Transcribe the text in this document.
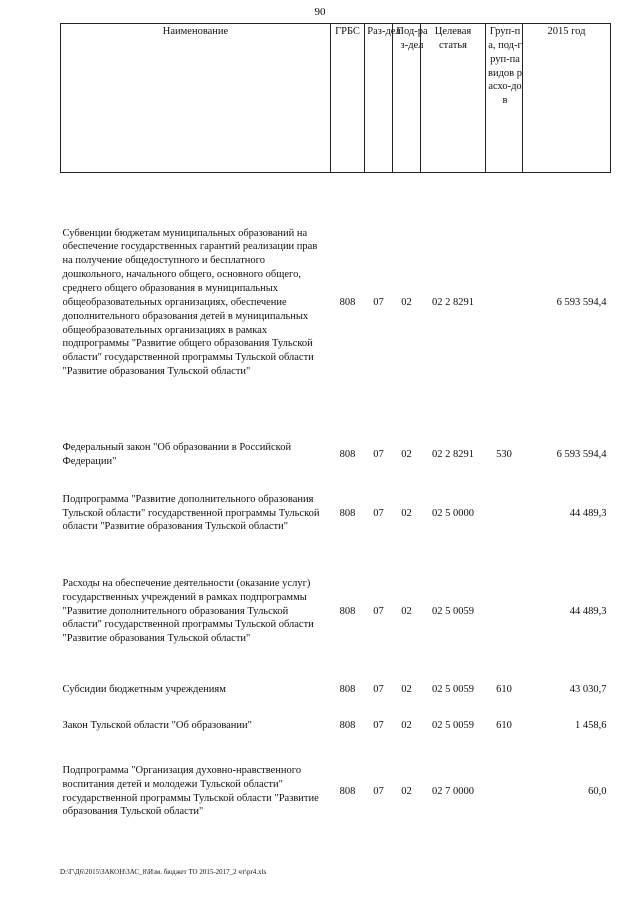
90
Наименование	ГРБС	Раз-дел	Под-раз-дел	Целевая статья	Груп-па, под-груп-па видов расхо-дов	2015 год
Субвенции бюджетам муниципальных образований на обеспечение государственных гарантий реализации прав на получение общедоступного и бесплатного дошкольного, начального общего, основного общего, среднего общего образования в муниципальных общеобразовательных организациях, обеспечение дополнительного образования детей в муниципальных общеобразовательных организациях в рамках подпрограммы "Развитие общего образования Тульской области" государственной программы Тульской области "Развитие образования Тульской области"	808	07	02	02 2 8291		6 593 594,4
Федеральный закон "Об образовании в Российской Федерации"	808	07	02	02 2 8291	530	6 593 594,4
Подпрограмма "Развитие дополнительного образования Тульской области" государственной программы Тульской области "Развитие образования Тульской области"	808	07	02	02 5 0000		44 489,3
Расходы на обеспечение деятельности (оказание услуг) государственных учреждений в рамках подпрограммы "Развитие дополнительного образования Тульской области" государственной программы Тульской области "Развитие образования Тульской области"	808	07	02	02 5 0059		44 489,3
Субсидии бюджетным учреждениям	808	07	02	02 5 0059	610	43 030,7
Закон Тульской области "Об образовании"	808	07	02	02 5 0059	610	1 458,6
Подпрограмма "Организация духовно-нравственного воспитания детей и молодежи Тульской области" государственной программы Тульской области "Развитие образования Тульской области"	808	07	02	02 7 0000		60,0
D:\Г\Д6\2015\ЗАКОН\ЗАС_8\Изм. бюджет ТО 2015-2017_2 чт\pr4.xls
